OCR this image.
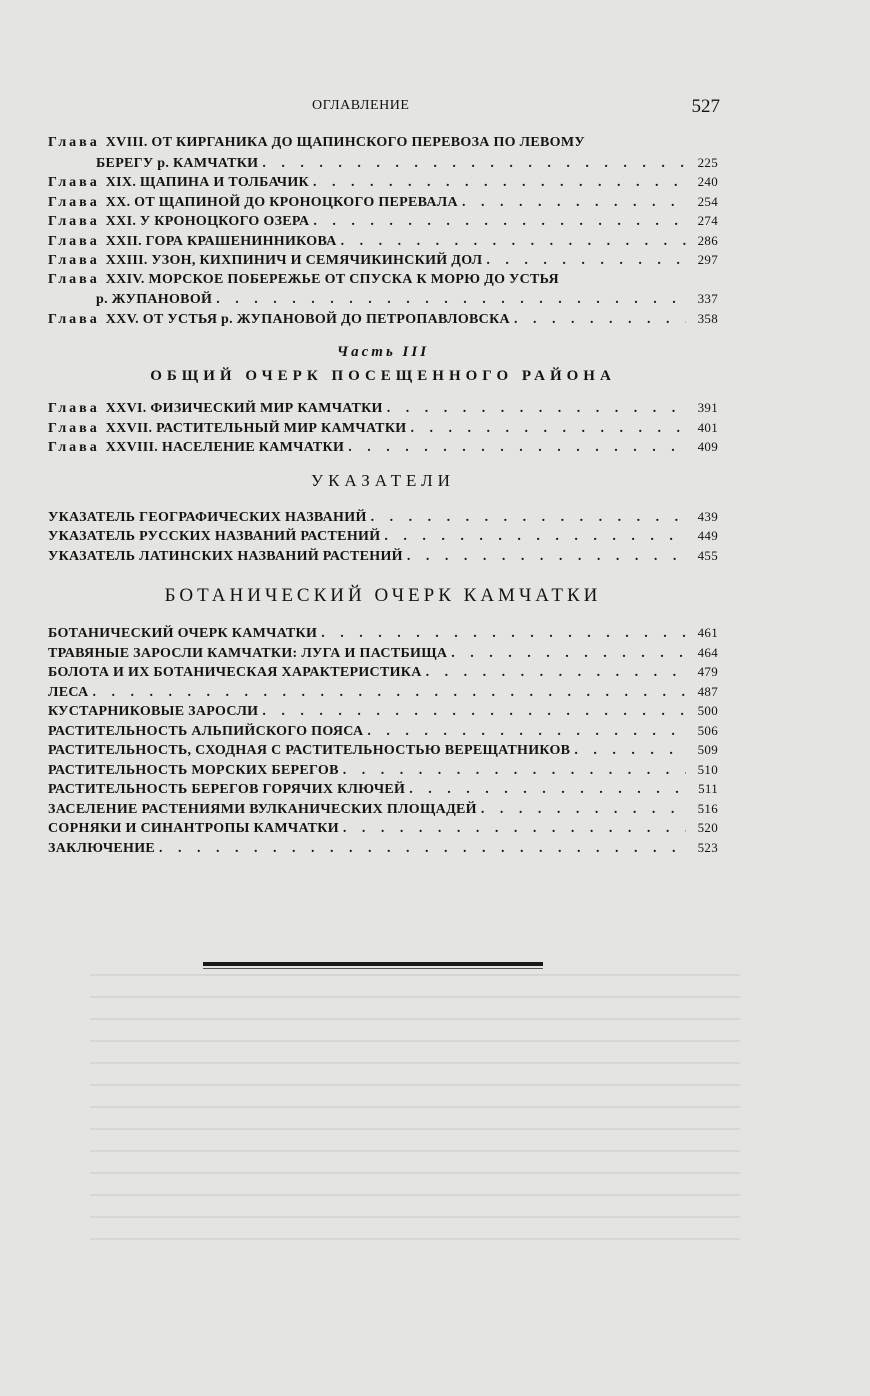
ОГЛАВЛЕНИЕ	527
Глава XVIII. ОТ КИРГАНИКА ДО ЩАПИНСКОГО ПЕРЕВОЗА ПО ЛЕВОМУ
БЕРЕГУ р. КАМЧАТКИ . . .	225
Глава XIX. ЩАПИНА И ТОЛБАЧИК . . .	240
Глава XX. ОТ ЩАПИНОЙ ДО КРОНОЦКОГО ПЕРЕВАЛА . . .	254
Глава XXI. У КРОНОЦКОГО ОЗЕРА . . .	274
Глава XXII. ГОРА КРАШЕНИННИКОВА . . .	286
Глава XXIII. УЗОН, КИХПИНИЧ И СЕМЯЧИКИНСКИЙ ДОЛ . . .	297
Глава XXIV. МОРСКОЕ ПОБЕРЕЖЬЕ ОТ СПУСКА К МОРЮ ДО УСТЬЯ
р. ЖУПАНОВОЙ . . .	337
Глава XXV. ОТ УСТЬЯ р. ЖУПАНОВОЙ ДО ПЕТРОПАВЛОВСКА . . .	358
Часть III
ОБЩИЙ ОЧЕРК ПОСЕЩЕННОГО РАЙОНА
Глава XXVI. ФИЗИЧЕСКИЙ МИР КАМЧАТКИ . . .	391
Глава XXVII. РАСТИТЕЛЬНЫЙ МИР КАМЧАТКИ . . .	401
Глава XXVIII. НАСЕЛЕНИЕ КАМЧАТКИ . . .	409
УКАЗАТЕЛИ
УКАЗАТЕЛЬ ГЕОГРАФИЧЕСКИХ НАЗВАНИЙ . . .	439
УКАЗАТЕЛЬ РУССКИХ НАЗВАНИЙ РАСТЕНИЙ . . .	449
УКАЗАТЕЛЬ ЛАТИНСКИХ НАЗВАНИЙ РАСТЕНИЙ . . .	455
БОТАНИЧЕСКИЙ ОЧЕРК КАМЧАТКИ
БОТАНИЧЕСКИЙ ОЧЕРК КАМЧАТКИ . . .	461
ТРАВЯНЫЕ ЗАРОСЛИ КАМЧАТКИ: ЛУГА И ПАСТБИЩА . . .	464
БОЛОТА И ИХ БОТАНИЧЕСКАЯ ХАРАКТЕРИСТИКА . . .	479
ЛЕСА . . .	487
КУСТАРНИКОВЫЕ ЗАРОСЛИ . . .	500
РАСТИТЕЛЬНОСТЬ АЛЬПИЙСКОГО ПОЯСА . . .	506
РАСТИТЕЛЬНОСТЬ, СХОДНАЯ С РАСТИТЕЛЬНОСТЬЮ ВЕРЕЩАТНИКОВ . . .	509
РАСТИТЕЛЬНОСТЬ МОРСКИХ БЕРЕГОВ . . .	510
РАСТИТЕЛЬНОСТЬ БЕРЕГОВ ГОРЯЧИХ КЛЮЧЕЙ . . .	511
ЗАСЕЛЕНИЕ РАСТЕНИЯМИ ВУЛКАНИЧЕСКИХ ПЛОЩАДЕЙ . . .	516
СОРНЯКИ И СИНАНТРОПЫ КАМЧАТКИ . . .	520
ЗАКЛЮЧЕНИЕ . . .	523
